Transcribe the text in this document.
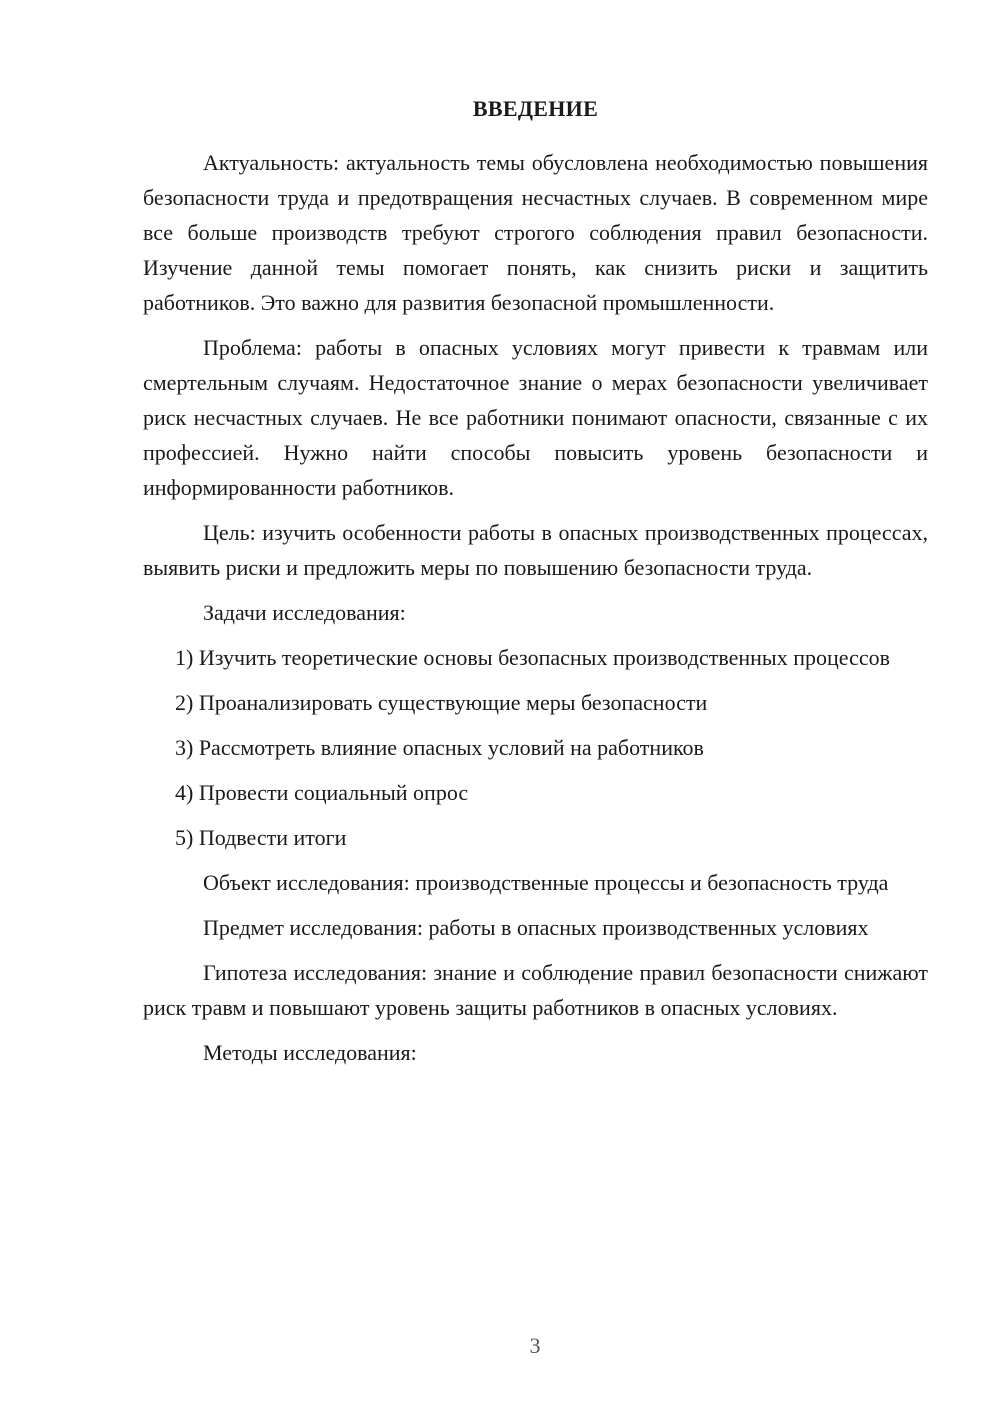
ВВЕДЕНИЕ

Актуальность: актуальность темы обусловлена необходимостью повышения безопасности труда и предотвращения несчастных случаев. В современном мире все больше производств требуют строгого соблюдения правил безопасности. Изучение данной темы помогает понять, как снизить риски и защитить работников. Это важно для развития безопасной промышленности.

Проблема: работы в опасных условиях могут привести к травмам или смертельным случаям. Недостаточное знание о мерах безопасности увеличивает риск несчастных случаев. Не все работники понимают опасности, связанные с их профессией. Нужно найти способы повысить уровень безопасности и информированности работников.

Цель: изучить особенности работы в опасных производственных процессах, выявить риски и предложить меры по повышению безопасности труда.

Задачи исследования:

1) Изучить теоретические основы безопасных производственных процессов

2) Проанализировать существующие меры безопасности

3) Рассмотреть влияние опасных условий на работников

4) Провести социальный опрос

5) Подвести итоги

Объект исследования: производственные процессы и безопасность труда

Предмет исследования: работы в опасных производственных условиях

Гипотеза исследования: знание и соблюдение правил безопасности снижают риск травм и повышают уровень защиты работников в опасных условиях.

Методы исследования:

3
